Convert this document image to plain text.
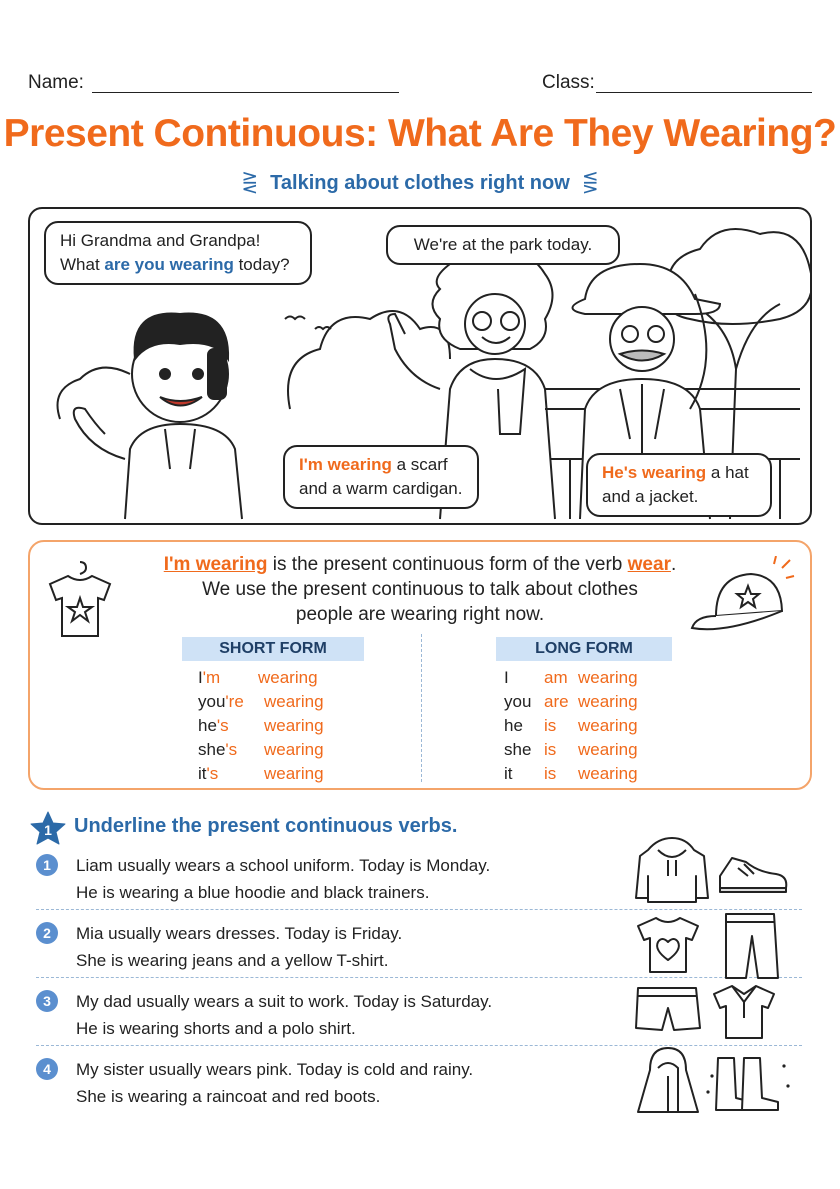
Name:	Class:
Present Continuous: What Are They Wearing?
⋛ Talking about clothes right now ⋚
Hi Grandma and Grandpa!
What are you wearing today?
We're at the park today.
I'm wearing a scarf
and a warm cardigan.
He's wearing a hat
and a jacket.
I'm wearing is the present continuous form of the verb wear.
We use the present continuous to talk about clothes
people are wearing right now.
SHORT FORM	LONG FORM
I'm wearing
you're wearing
he's wearing
she's wearing
it's	wearing
I am wearing
you are wearing
he is wearing
she is wearing
it is wearing
1 Underline the present continuous verbs.
1	Liam usually wears a school uniform. Today is Monday.
He is wearing a blue hoodie and black trainers.
2	Mia usually wears dresses. Today is Friday.
She is wearing jeans and a yellow T-shirt.
3	My dad usually wears a suit to work. Today is Saturday.
He is wearing shorts and a polo shirt.
4	My sister usually wears pink. Today is cold and rainy.
She is wearing a raincoat and red boots.
